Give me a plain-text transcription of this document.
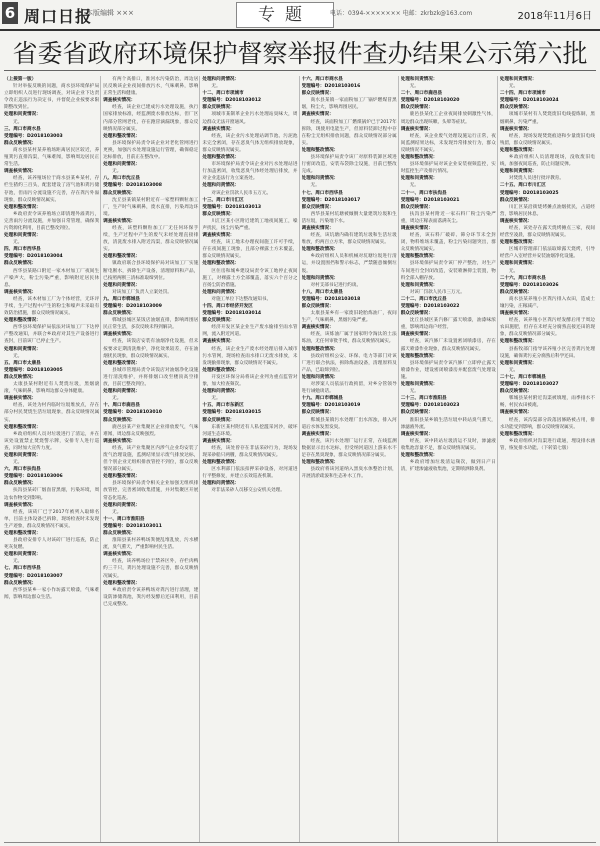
6 周口日报
本版编辑 ×××	专题	电话：0394-××××××× 电邮：zkrbzk@163.com	2018年11月6日
省委省政府环境保护督察举报件查办结果公示第六批

（上接第一版）

针对举报反映的问题，商水县环境保护局立即组织人员进行现场调查，对该企业下达责令改正违法行为决定书，并督促企业按要求限期整改到位。

处理和问责情况：

无。

三、周口市商水县

受理编号：D2018103003

群众反映情况：

商水县某村某养殖场距离居民区较近，养殖粪污直排沟渠，气味难闻，影响周边居民正常生活。

调查核实情况：

经查，该养殖场位于商水县某乡某村，存栏生猪约三百头，配套建设了沼气池和粪污储存池，但雨污分流设施不完善，存在粪污外溢现象，群众反映情况属实。

处理和整改情况：

乡政府责令该养殖场立即清理外溢粪污，完善雨污分流设施，并加强日常管理，确保粪污资源化利用，目前已整改到位。

处理和问责情况：

无。

四、周口市西华县

受理编号：D2018103004

群众反映情况：

西华县某路口附近一家木材加工厂夜间生产噪声大，粉尘污染严重，影响附近居民休息。

调查核实情况：

经查，该木材加工厂为个体经营，无环评手续，生产过程中产生的粉尘和噪声未采取有效防治措施，群众反映情况属实。

处理和整改情况：

西华县环境保护局依法对该加工厂下达停产整改通知，并联合乡政府对其生产设备进行查封，目前该厂已停止生产。

处理和问责情况：

无。

五、周口市太康县

受理编号：D2018103005

群众反映情况：

太康县某村附近有人焚烧垃圾，黑烟滚滚，气味刺鼻，影响周边群众身体健康。

调查核实情况：

经查，该处为村内临时垃圾堆放点，存在部分村民焚烧生活垃圾现象，群众反映情况属实。

处理和整改情况：

乡政府组织人员对垃圾进行了清运，并在该处设置禁止焚烧警示牌，安排专人进行巡查，同时加大宣传力度。

处理和问责情况：

无。

六、周口市扶沟县

受理编号：D2018103006

群众反映情况：

扶沟县某砖厂烟囱冒黑烟，污染环境，周边农作物受到影响。

调查核实情况：

经查，该砖厂已于2017年被列入取缔名单，目前主体设备已拆除，现场检查时未发现生产迹象，群众反映情况不属实。

处理和整改情况：

县政府安排专人对该砖厂进行巡查，防止死灰复燃。

处理和问责情况：

无。

七、周口市西华县

受理编号：D2018103007

群众反映情况：

西华县某乡一家小作坊露天喷漆，气味难闻，影响周边群众生活。

有两个高排口，淮河水污染防治，周边居民反映该企业夜间排放污水，气味刺鼻，影响正常生活和健康。

调查核实情况：

经查，该企业已建成污水处理设施，执行国家排放标准，经监测废水排放达标，但厂区内部分管网老化，存在跑冒滴漏现象，群众反映情况部分属实。

处理和整改情况：

县环境保护局责令该企业对老化管网进行更换，加强污水处理设施运行管理，确保稳定达标排放，目前正在整改中。

处理和问责情况：

无。

八、周口市沈丘县

受理编号：D2018103008

群众反映情况：

沈丘县某镇某村附近有一家塑料颗粒加工厂，生产时气味刺鼻，废水直排，污染周边环境。

调查核实情况：

经查，该塑料颗粒加工厂无任何环保手续，生产过程中产生的废气未经处理直接排放，清洗废水排入附近沟渠，群众反映情况属实。

处理和整改情况：

镇政府联合县环境保护局对该加工厂实施断电断水，拆除生产设备，清理原料和产品，已按照两断三清标准取缔到位。

处理和问责情况：

对该加工厂负责人立案处罚。

九、周口市郸城县

受理编号：D2018103009

群众反映情况：

郸城县城区某饭店油烟直排，影响周围居民正常生活，多次反映未得到解决。

调查核实情况：

经查，该饭店安装有油烟净化设施，但未按要求定期清洗维护，净化效果较差，存在油烟扰民现象，群众反映情况属实。

处理和整改情况：

县城市管理局责令该饭店对油烟净化设施进行清洗维护，并将排烟口改至楼顶高空排放，目前已整改到位。

处理和问责情况：

无。

十、周口市鹿邑县

受理编号：D2018103010

群众反映情况：

鹿邑县某产业集聚区企业排放废气，气味难闻，周边群众反映强烈。

调查核实情况：

经查，该产业集聚区内涉气企业均安装了废气治理设施，监测结果显示废气排放达标，但个别企业无组织排放管控不到位，群众反映情况部分属实。

处理和整改情况：

县环境保护局责令相关企业加强无组织排放管控，完善密闭收集措施，并对集聚区开展常态化巡查。

处理和问责情况：

无。

十一、周口市淮阳县

受理编号：D2018103011

群众反映情况：

淮阳县某村养鸭场粪便乱堆乱放，污水横流，臭气熏天，严重影响村民生活。

调查核实情况：

经查，该养鸭场位于禁养区外，存栏肉鸭约三千只，粪污处理设施不完善，群众反映情况属实。

处理和整改情况：

乡政府责令该养鸭场对粪污进行清理，建设防渗储粪池，粪污经发酵后还田利用，目前已完成整改。

处理和问责情况：

无。

十二、周口市项城市

受理编号：D2018103012

群众反映情况：

项城市某制革企业污水处理站臭味大，周边群众无法开窗通风。

调查核实情况：

经查，该企业污水处理站调节池、污泥池未完全密闭，存在恶臭气体无组织排放现象，群众反映情况属实。

处理和整改情况：

市环境保护局责令该企业对污水处理站进行加盖密闭，收集恶臭气体经处理后排放，并对企业违法行为立案查处。

处理和问责情况：

对该企业罚款人民币五万元。

十三、周口市川汇区

受理编号：D2018103013

群众反映情况：

川汇区某小区附近建筑工地夜间施工，噪声扰民，扬尘污染严重。

调查核实情况：

经查，该工地未办理夜间施工许可手续，存在夜间施工现象，且部分裸露土方未覆盖，群众反映情况属实。

处理和整改情况：

区住房和城乡建设局责令该工地停止夜间施工，对裸露土方全部覆盖，落实六个百分之百扬尘防治措施。

处理和问责情况：

对施工单位下达整改通知书。

十四、周口市经济开发区

受理编号：D2018103014

群众反映情况：

经济开发区某企业生产废水偷排至雨水管网，流入附近河道。

调查核实情况：

经查，该企业生产废水经处理后排入城市污水管网，现场检查雨水排口无废水排放，未发现偷排现象，群众反映情况不属实。

处理和整改情况：

开发区环保分局将该企业列为重点监管对象，加大检查频次。

处理和问责情况：

无。

十五、周口市东新区

受理编号：D2018103015

群众反映情况：

东新区某村附近有人私挖滥采河沙，破坏河道生态环境。

调查核实情况：

经查，该处曾存在非法采砂行为，现场发现采砂船只两艘，群众反映情况属实。

处理和整改情况：

区水利部门依法扣押采砂设备，对河道进行平整修复，并建立长效巡查机制。

处理和问责情况：

对非法采砂人员移交公安机关处理。

十六、周口市商水县

受理编号：D2018103016

群众反映情况：

商水县某镇一家面粉加工厂锅炉燃煤冒黑烟，粉尘大，影响周围居民。

调查核实情况：

经查，该面粉加工厂燃煤锅炉已于2017年拆除，现使用电能生产，但原料装卸过程中存在粉尘无组织排放问题，群众反映情况部分属实。

处理和整改情况：

县环境保护局责令该厂对原料装卸区域进行密闭改造，安装布袋除尘设施，目前已整改完成。

处理和问责情况：

无。

十七、周口市西华县

受理编号：D2018103017

群众反映情况：

西华县某村坑塘被倾倒大量建筑垃圾和生活垃圾，污染地下水。

调查核实情况：

经查，该坑塘内确有建筑垃圾和生活垃圾堆放，约两百立方米，群众反映情况属实。

处理和整改情况：

乡政府组织人员和机械对坑塘垃圾进行清运，并设置围挡和警示标志，严禁随意倾倒垃圾。

处理和问责情况：

对村支部书记进行约谈。

十八、周口市太康县

受理编号：D2018103018

群众反映情况：

太康县某乡有一家废旧轮胎炼油厂，夜间生产，气味刺鼻，黑烟污染严重。

调查核实情况：

经查，该炼油厂属于国家明令淘汰的土法炼油，无任何审批手续，群众反映情况属实。

处理和整改情况：

县政府组织公安、环保、电力等部门对该厂进行联合执法，拆除炼油设备，清理原料及产品，已取缔到位。

处理和问责情况：

对涉案人员依法行政拘留，对乡分管领导进行诫勉谈话。

十九、周口市郸城县

受理编号：D2018103019

群众反映情况：

郸城县某镇污水处理厂出水浑浊，排入河道后水体发黑发臭。

调查核实情况：

经查，该污水处理厂运行正常，在线监测数据显示出水达标，但受纳河道因上游来水不足存在黑臭现象，群众反映情况部分属实。

处理和整改情况：

县政府将该河道纳入黑臭水体整治计划，开展清淤疏浚和生态补水工作。

处理和问责情况：

无。

二十、周口市鹿邑县

受理编号：D2018103020

群众反映情况：

鹿邑县某化工企业夜间排放刺激性气体，周边群众出现咳嗽、头晕等症状。

调查核实情况：

经查，该企业废气处理设施运行正常，夜间监测结果达标，未发现异常排放行为，群众反映情况不属实。

处理和整改情况：

县环境保护局对该企业安装视频监控，实时监控生产及排污情况。

处理和问责情况：

无。

二十一、周口市扶沟县

受理编号：D2018103021

群众反映情况：

扶沟县某村附近一家石料厂粉尘污染严重，周边庄稼表面落满灰尘。

调查核实情况：

经查，该石料厂破碎、筛分环节未全封闭，物料堆场未覆盖，粉尘污染问题突出，群众反映情况属实。

处理和整改情况：

县环境保护局责令该厂停产整治，对生产车间进行全封闭改造，安装喷淋抑尘装置，物料全部入棚存放。

处理和问责情况：

对该厂罚款人民币三万元。

二十二、周口市沈丘县

受理编号：D2018103022

群众反映情况：

沈丘县城区某汽修厂露天喷漆，油漆味浓重，影响周边商户经营。

调查核实情况：

经查，该汽修厂未设置密闭喷漆房，存在露天喷漆作业现象，群众反映情况属实。

处理和整改情况：

县环境保护局责令该汽修厂立即停止露天喷漆作业，建设密闭喷漆房并配套废气处理设施。

处理和问责情况：

无。

二十三、周口市淮阳县

受理编号：D2018103023

群众反映情况：

淮阳县某乡镇生活垃圾中转站臭气熏天，渗滤液外流。

调查核实情况：

经查，该中转站垃圾清运不及时，渗滤液收集池容量不足，群众反映情况属实。

处理和整改情况：

乡政府增加垃圾清运频次，做到日产日清，扩建渗滤液收集池，定期喷洒除臭剂。

处理和问责情况：

无。

二十四、周口市项城市

受理编号：D2018103024

群众反映情况：

项城市某村有人焚烧废旧电线提炼铜，黑烟刺鼻，污染严重。

调查核实情况：

经查，现场发现焚烧痕迹和少量废旧电线残留，群众反映情况属实。

处理和整改情况：

乡政府组织人员清理现场，没收废旧电线，加强夜间巡查，防止问题反弹。

处理和问责情况：

对焚烧人员进行批评教育。

二十五、周口市川汇区

受理编号：D2018103025

群众反映情况：

川汇区某沿街烧烤摊点油烟扰民，占道经营，影响居民休息。

调查核实情况：

经查，该处存在露天烧烤摊点三家，夜间经营至凌晨，群众反映情况属实。

处理和整改情况：

区城市管理部门依法取缔露天烧烤，引导经营户入室经营并安装油烟净化设施。

处理和问责情况：

无。

二十六、周口市商水县

受理编号：D2018103026

群众反映情况：

商水县某养殖小区粪污排入农田，造成土壤污染，庄稼减产。

调查核实情况：

经查，该养殖小区粪污经发酵后用于周边农田施肥，但存在未经充分腐熟直接还田的现象，群众反映情况部分属实。

处理和整改情况：

县畜牧部门指导该养殖小区完善粪污处理设施，确保粪污充分腐熟后科学还田。

处理和问责情况：

无。

二十七、周口市郸城县

受理编号：D2018103027

群众反映情况：

郸城县某村附近沟渠被填埋，雨季排水不畅，村民农田被淹。

调查核实情况：

经查，该沟渠部分段落因修路被占用，排水功能受到影响，群众反映情况属实。

处理和整改情况：

乡政府组织对沟渠进行疏通，埋设排水涵管，恢复排水功能。（下转第七版）
